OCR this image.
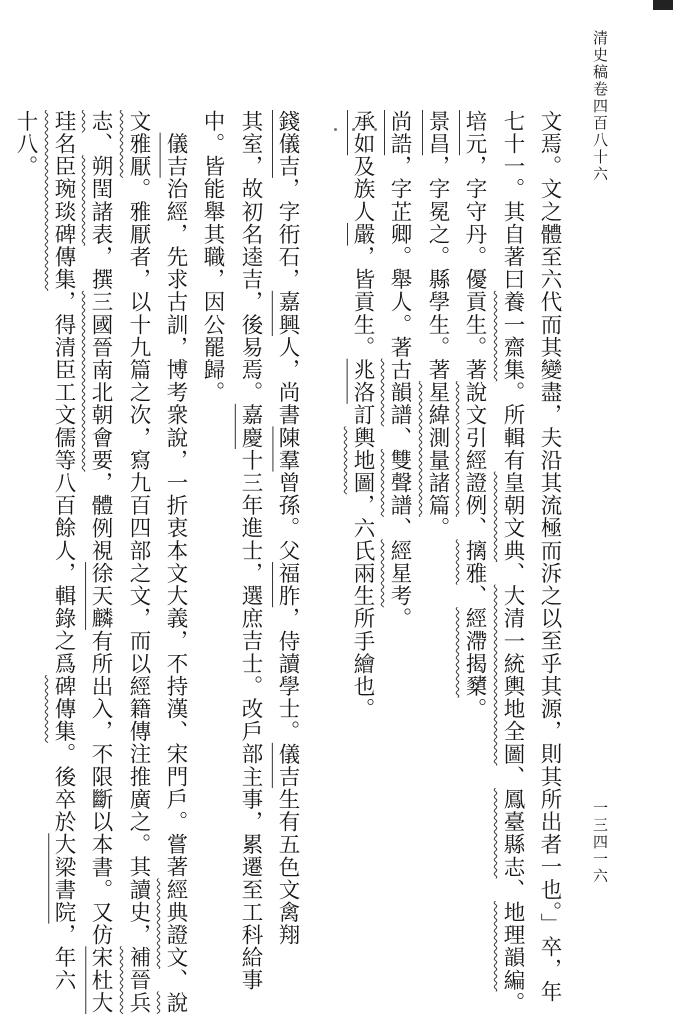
清史稿卷四百八十六
一三四一六
文焉。文之體至六代而其變盡，夫沿其流極而泝之以至乎其源，則其所出者一也。」卒，年
七十一。其自著曰養一齋集。所輯有皇朝文典、大清一統輿地全圖、鳳臺縣志、地理韻編。
培元，字守丹。優貢生。著說文引經證例、摛雅、經滯揭櫫。
景昌，字冕之。縣學生。著星緯測量諸篇。
尚誥，字芷卿。舉人。著古韻譜、雙聲譜、經星考。
承如及族人嚴，皆貢生。兆洛訂輿地圖，六氏兩生所手繪也。
錢儀吉，字衎石，嘉興人，尚書陳羣曾孫。父福胙，侍讀學士。儀吉生有五色文禽翔
其室，故初名逵吉，後易焉。嘉慶十三年進士，選庶吉士。改戶部主事，累遷至工科給事
中。皆能舉其職，因公罷歸。
　儀吉治經，先求古訓，博考衆說，一折衷本文大義，不持漢、宋門戶。嘗著經典證文、說
文雅厭。雅厭者，以十九篇之次，寫九百四部之文，而以經籍傳注推廣之。其讀史，補晉兵
志、朔閏諸表，撰三國晉南北朝會要，體例視徐天麟有所出入，不限斷以本書。又仿宋杜大
珪名臣琬琰碑傳集，得清臣工文儒等八百餘人，輯錄之爲碑傳集。後卒於大梁書院，年六
十八。
